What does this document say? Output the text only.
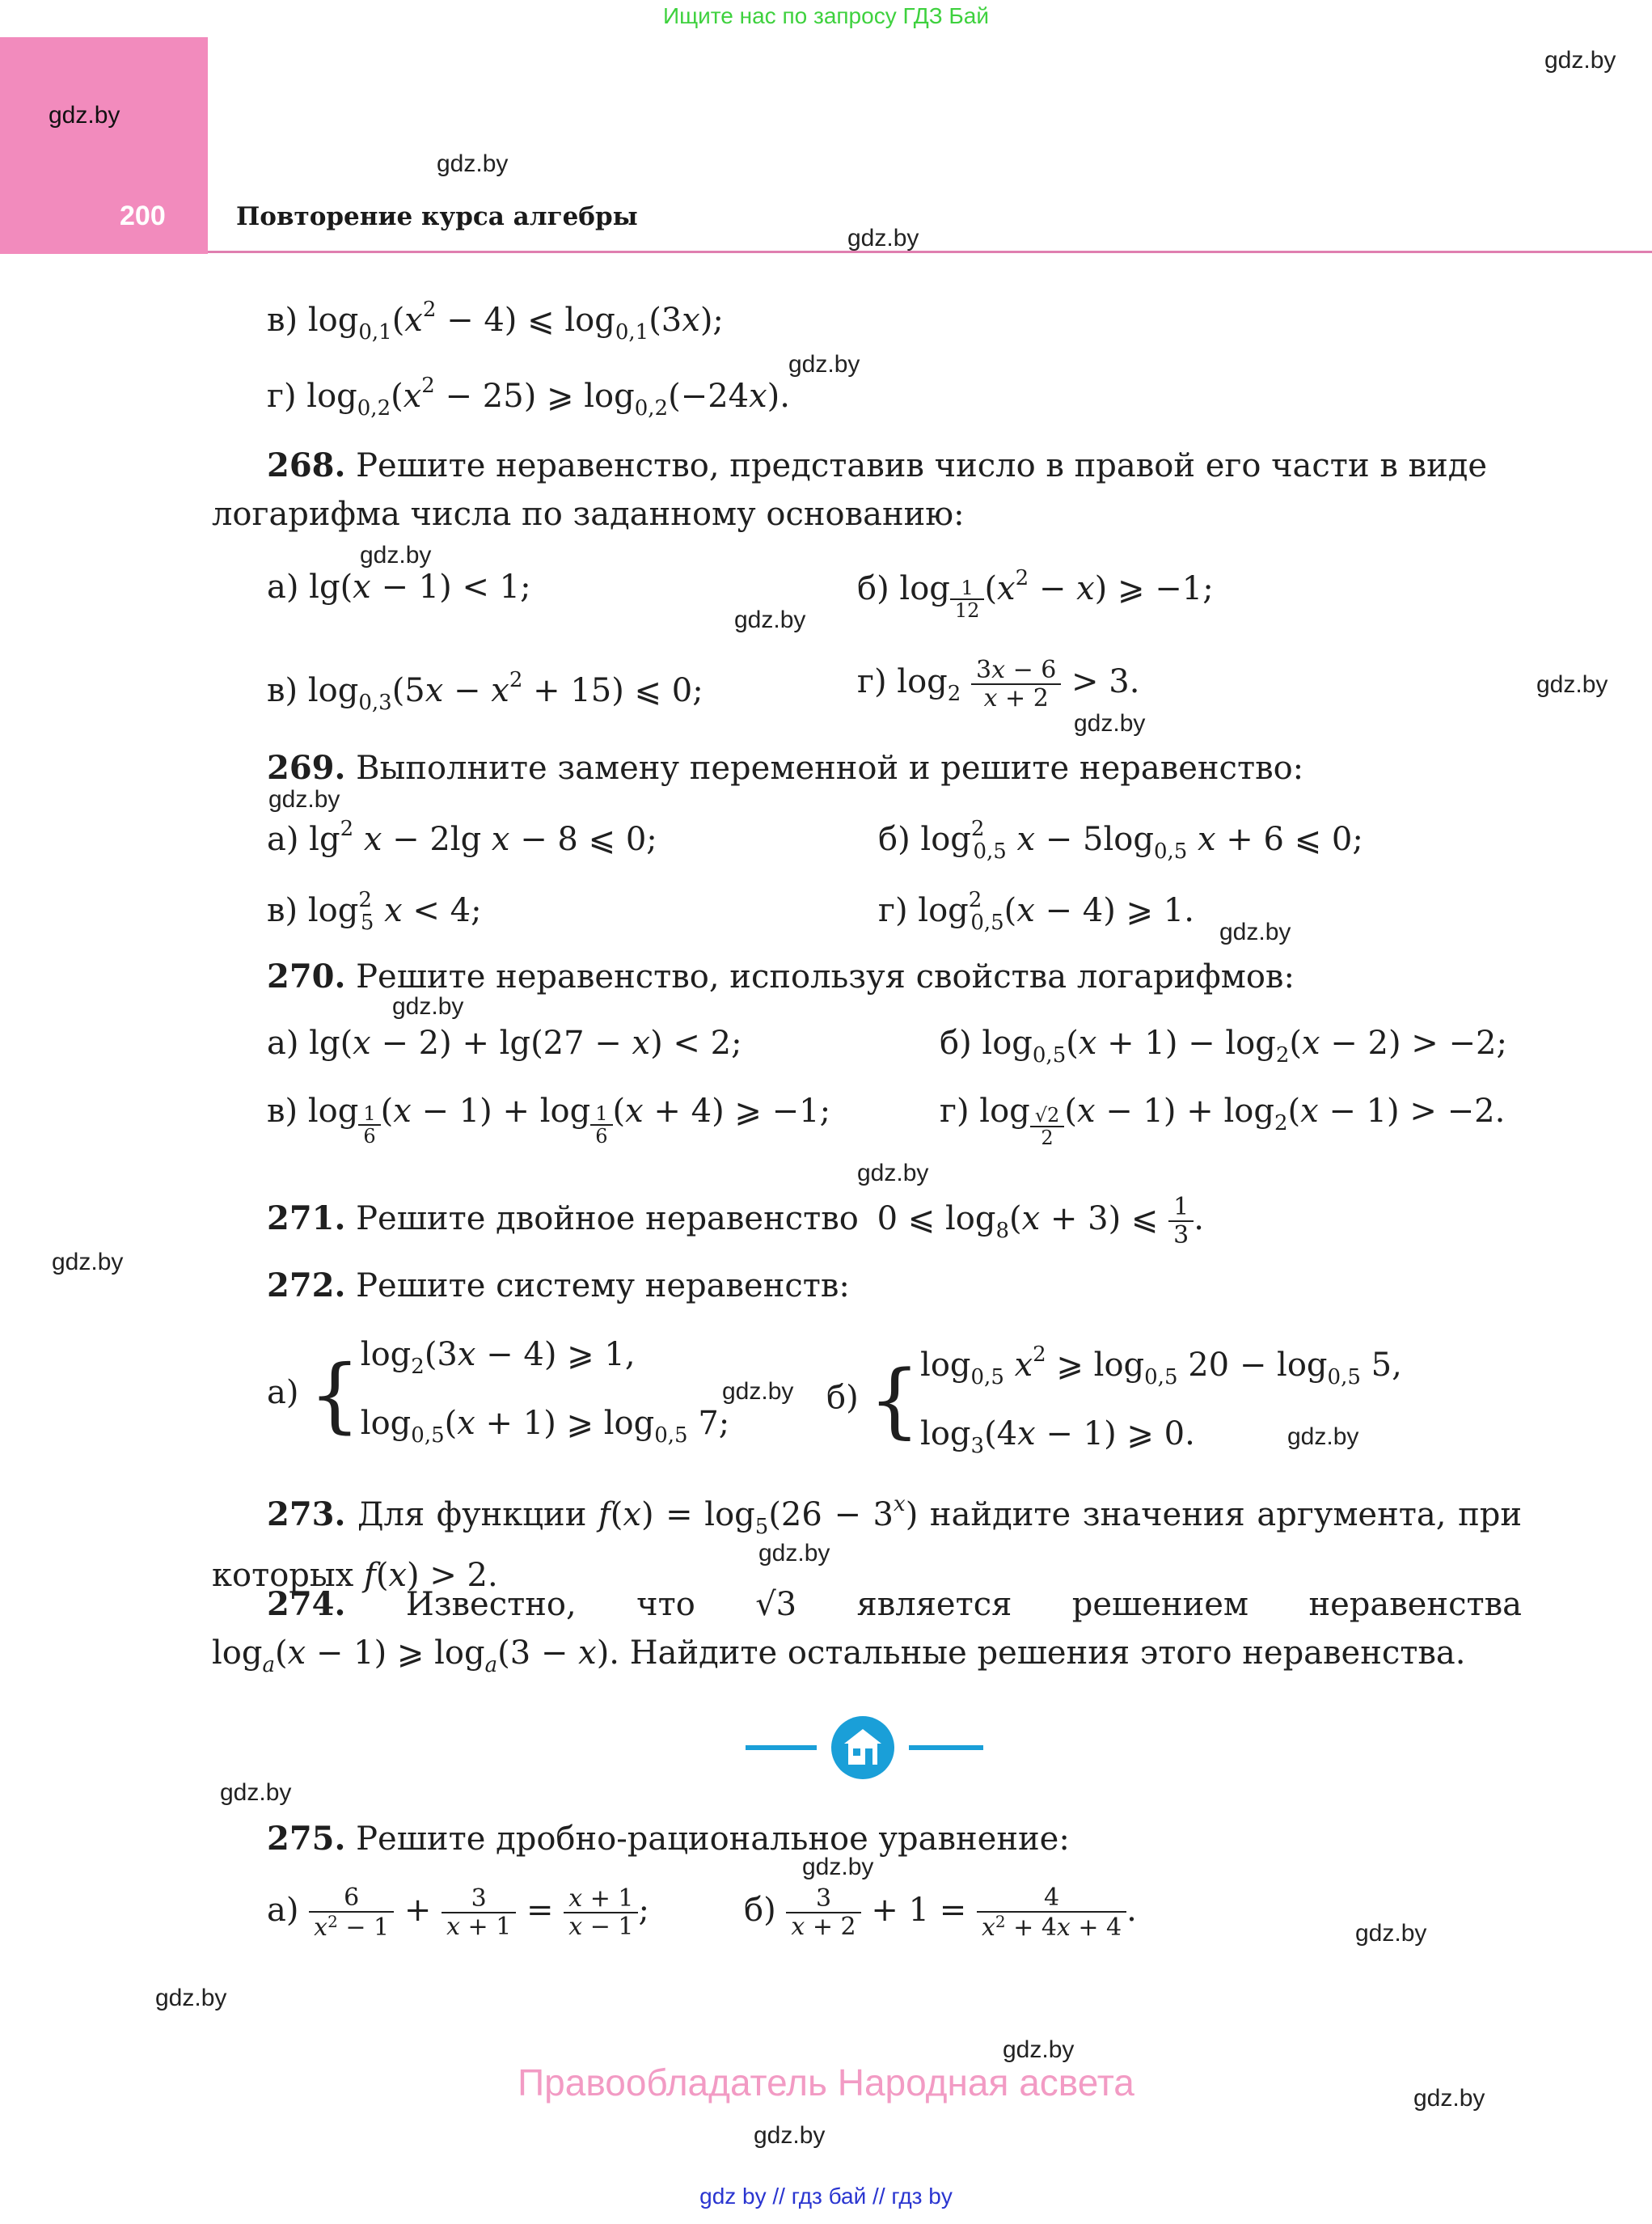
Ищите нас по запросу ГДЗ Бай
gdz.by
200	Повторение курса алгебры
gdz.by
gdz.by
gdz.by
gdz.by
gdz.by
gdz.by
gdz.by
gdz.by
gdz.by
gdz.by
gdz.by
gdz.by
gdz.by
gdz.by
gdz.by
gdz.by
gdz.by
gdz.by
gdz.by
gdz.by
gdz.by
gdz.by
gdz.by
в) $\log_{0,1}(x^2 - 4)$ ⩽ $\log_{0,1}(3x)$;
г) $\log_{0,2}(x^2 - 25)$ ⩾ $\log_{0,2}(-24x)$.
268. Решите неравенство, представив число в правой его части в виде логарифма числа по заданному основанию:
а) lg(x − 1) < 1;	б) $\log \frac{1}{12} (x^2 - x)$ ⩾ −1;
в) $\log_{0,3}(5x - x^2 + 15)$ ⩽ 0;	г) $\log_2 \frac{3x - 6}{x + 2} > 3$.
269. Выполните замену переменной и решите неравенство:
а) $\lg^2 x - 2\lg$ x − 8 ⩽ 0;	б) $\log^2_{0,5} x - 5\log_{0,5}$ x + 6 ⩽ 0;
в) $\log^2_5 x < 4$;	г) $\log^2_{0,5}(x - 4)$ ⩾ 1.
270. Решите неравенство, используя свойства логарифмов:
а) lg(x − 2) + lg(27 − x) < 2;	б) $\log_{0,5}(x + 1) - \log_2(x - 2) > -2$;
в) $\log \frac{1}{6} (x - 1) + \log \frac{1}{6} (x + 4)$ ⩾ −1;	г) $\log \frac{√2}{2} (x - 1) + \log_2(x - 1) > -2$.
271. Решите двойное неравенство 0 ⩽ $\log_8(x + 3)$ ⩽ $\frac{1}{3}$ .
272. Решите систему неравенств:
а) {$\log_2(3x - 4)$ ⩾ 1,
$\log_{0,5}(x + 1)$ ⩾ $\log_{0,5} 7$;
б) {$\log_{0,5}$ $x^2$ ⩾ $\log_{0,5} 20 - \log_{0,5} 5$,
$\log_3(4x - 1)$ ⩾ 0.
273. Для функции $f(x) = \log_5(26 - 3^x)$ найдите значения аргумента, при которых f(x) > 2.
274. Известно, что √3 является решением неравенства
$\log_a(x - 1)$ ⩾ $\log_a(3 - x)$. Найдите остальные решения этого неравенства.
275. Решите дробно-рациональное уравнение:
$а) \frac{6}{x^2 - 1} + \frac{3}{x + 1} = \frac{x + 1}{x - 1}$ ;	$б) \frac{3}{x + 2} + 1 = \frac{4}{x^2 + 4x + 4}$ .
Правообладатель Народная асвета
gdz by // гдз бай // гдз by
